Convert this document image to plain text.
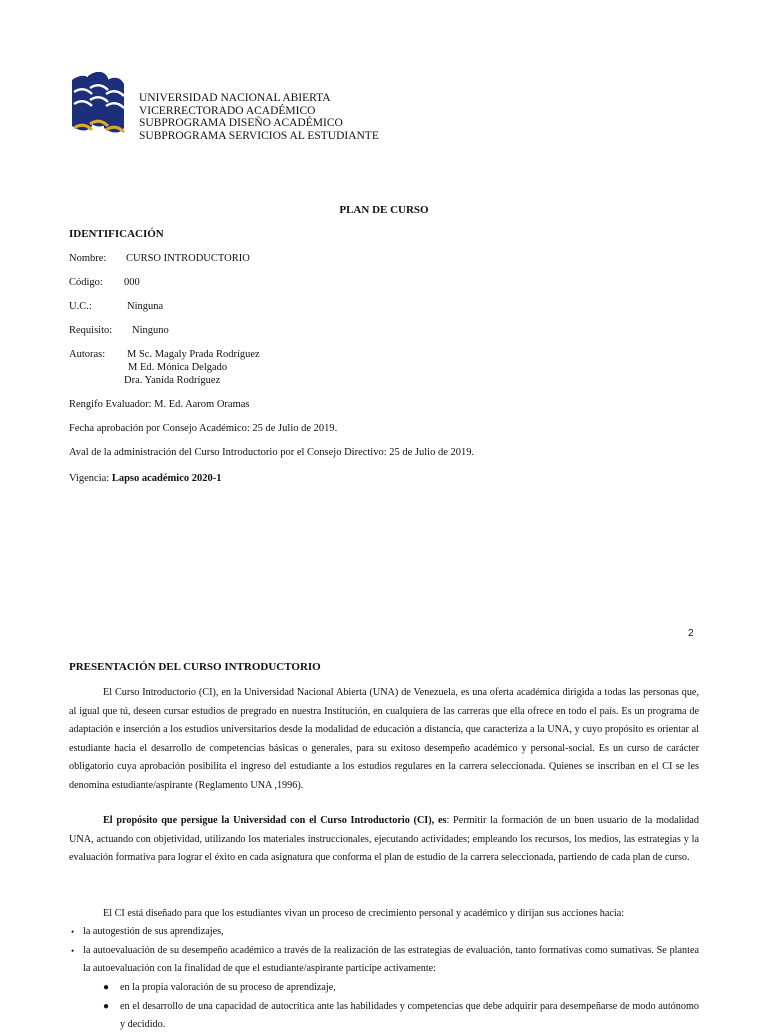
UNIVERSIDAD NACIONAL ABIERTA
VICERRECTORADO ACADÉMICO
SUBPROGRAMA DISEÑO ACADÉMICO
SUBPROGRAMA SERVICIOS AL ESTUDIANTE
PLAN DE CURSO
IDENTIFICACIÓN
Nombre: CURSO INTRODUCTORIO
Código: 000
U.C.:	Ninguna
Requisito: Ninguno
Autoras: M Sc. Magaly Prada Rodríguez
M Ed. Mónica Delgado
Dra. Yanida Rodríguez
Rengifo Evaluador: M. Ed. Aarom Oramas
Fecha aprobación por Consejo Académico: 25 de Julio de 2019.
Aval de la administración del Curso Introductorio por el Consejo Directivo: 25 de Julio de 2019.
Vigencia: Lapso académico 2020-1
2
PRESENTACIÓN DEL CURSO INTRODUCTORIO
El Curso Introductorio (CI), en la Universidad Nacional Abierta (UNA) de Venezuela, es una oferta académica dirigida a todas las personas que, al igual que tú, deseen cursar estudios de pregrado en nuestra Institución, en cualquiera de las carreras que ella ofrece en todo el país. Es un programa de adaptación e inserción a los estudios universitarios desde la modalidad de educación a distancia, que caracteriza a la UNA, y cuyo propósito es orientar al estudiante hacia el desarrollo de competencias básicas o generales, para su exitoso desempeño académico y personal-social. Es un curso de carácter obligatorio cuya aprobación posibilita el ingreso del estudiante a los estudios regulares en la carrera seleccionada. Quienes se inscriban en el CI se les denomina estudiante/aspirante (Reglamento UNA ,1996).
El propósito que persigue la Universidad con el Curso Introductorio (CI), es: Permitir la formación de un buen usuario de la modalidad UNA, actuando con objetividad, utilizando los materiales instruccionales, ejecutando actividades; empleando los recursos, los medios, las estrategias y la evaluación formativa para lograr el éxito en cada asignatura que conforma el plan de estudio de la carrera seleccionada, partiendo de cada plan de curso.
El CI está diseñado para que los estudiantes vivan un proceso de crecimiento personal y académico y dirijan sus acciones hacia:
• la autogestión de sus aprendizajes,
• la autoevaluación de su desempeño académico a través de la realización de las estrategias de evaluación, tanto formativas como sumativas. Se plantea la autoevaluación con la finalidad de que el estudiante/aspirante participe activamente:
● en la propia valoración de su proceso de aprendizaje,
● en el desarrollo de una capacidad de autocrítica ante las habilidades y competencias que debe adquirir para desempeñarse de modo autónomo y decidido.
